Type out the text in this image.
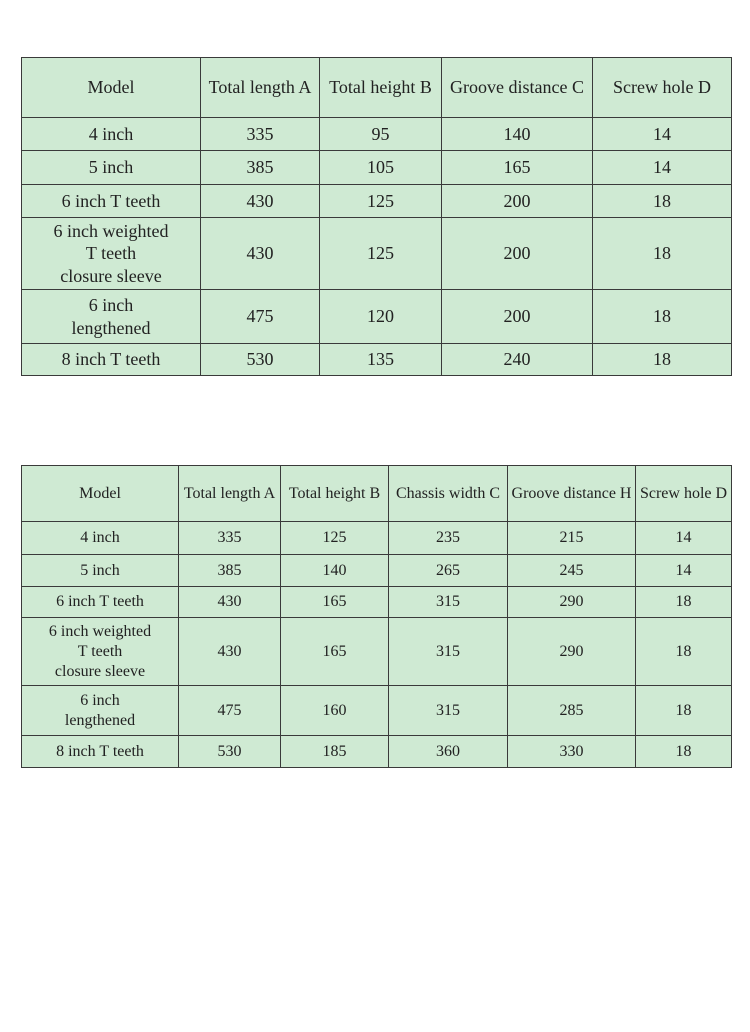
Model	Total length A	Total height B	Groove distance C	Screw hole D
4 inch	335	95	140	14
5 inch	385	105	165	14
6 inch T teeth	430	125	200	18

6 inch weighted
T teeth
closure sleeve	430	125	200	18

6 inch
lengthened	475	120	200	18
8 inch T teeth	530	135	240	18
Model	Total length A	Total height B	Chassis width C	Groove distance H	Screw hole D
4 inch	335	125	235	215	14
5 inch	385	140	265	245	14
6 inch T teeth	430	165	315	290	18

6 inch weighted
T teeth
closure sleeve	430	165	315	290	18

6 inch
lengthened	475	160	315	285	18
8 inch T teeth	530	185	360	330	18
